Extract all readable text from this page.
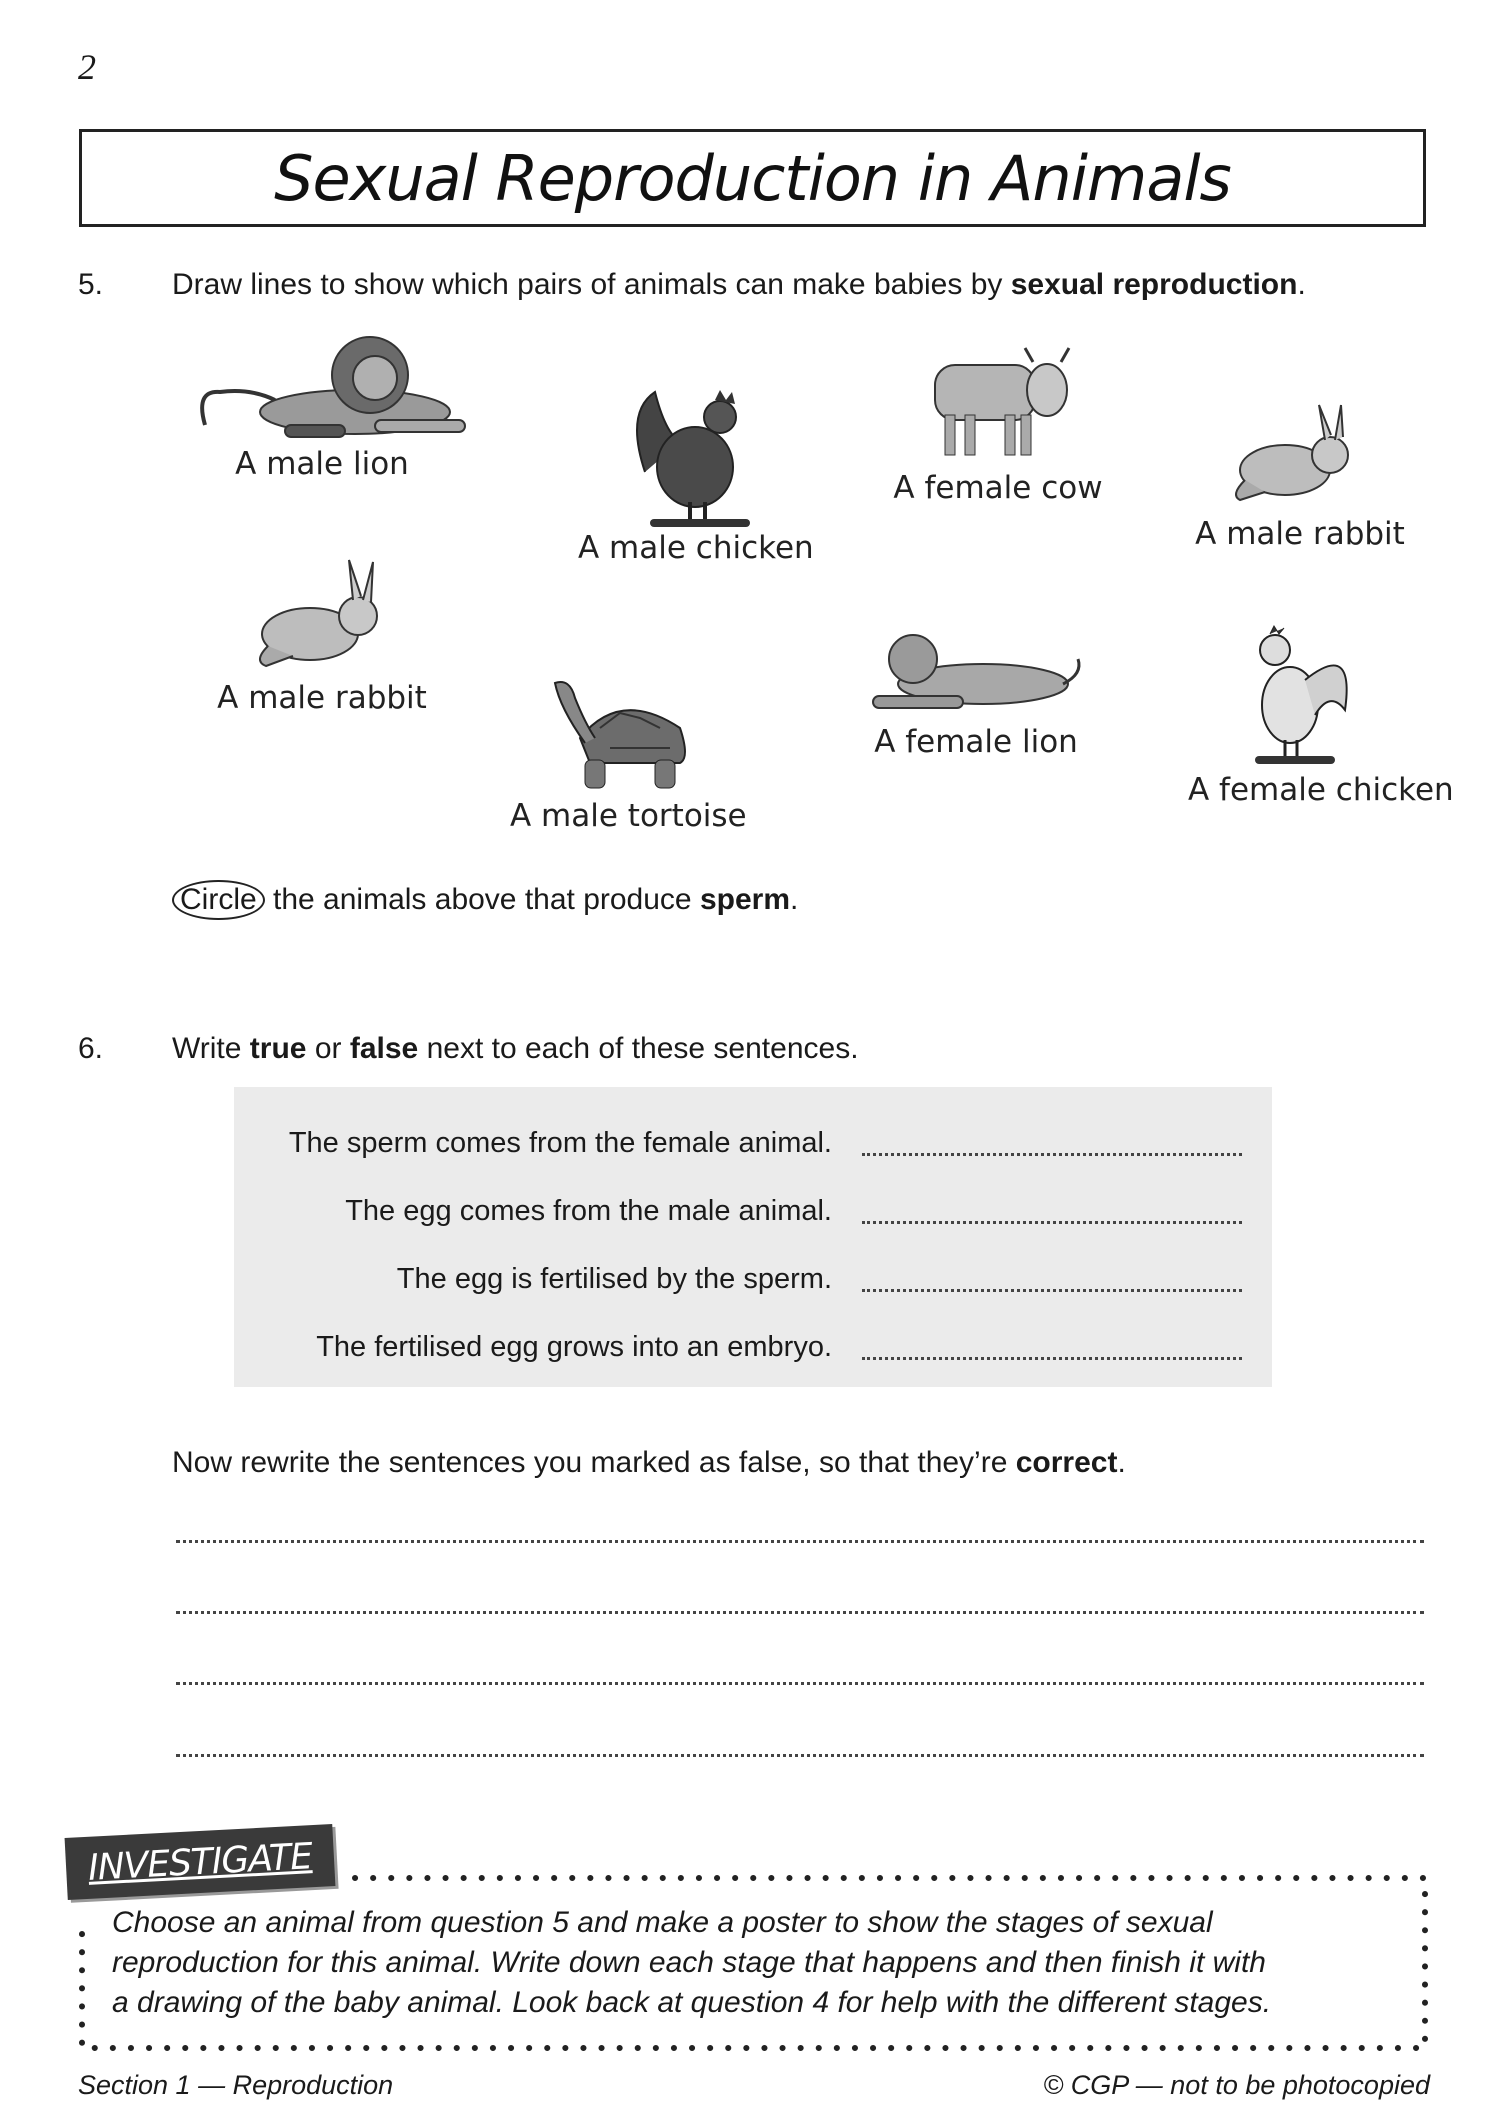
2
Sexual Reproduction in Animals
5. Draw lines to show which pairs of animals can make babies by sexual reproduction.
A male lion
A male chicken
A female cow
A male rabbit
A male rabbit
A male tortoise
A female lion
A female chicken
Circle the animals above that produce sperm.
6. Write true or false next to each of these sentences.
The sperm comes from the female animal.
The egg comes from the male animal.
The egg is fertilised by the sperm.
The fertilised egg grows into an embryo.
Now rewrite the sentences you marked as false, so that they’re correct.
INVESTIGATE
Choose an animal from question 5 and make a poster to show the stages of sexual
reproduction for this animal. Write down each stage that happens and then finish it with
a drawing of the baby animal. Look back at question 4 for help with the different stages.
Section 1 — Reproduction	© CGP — not to be photocopied
